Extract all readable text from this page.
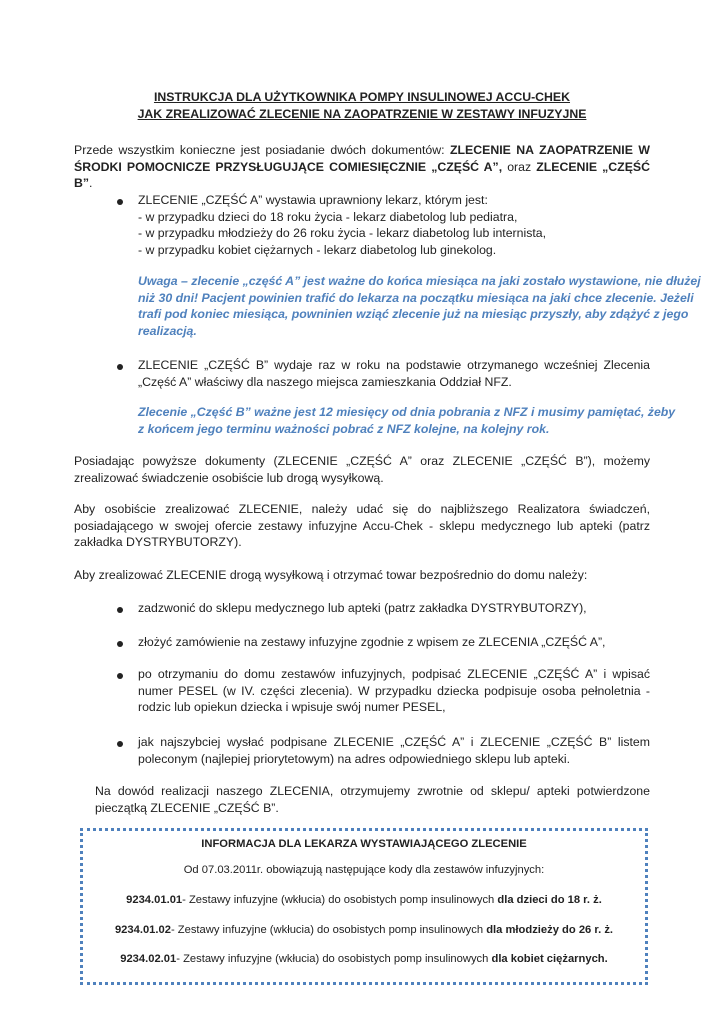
INSTRUKCJA DLA UŻYTKOWNIKA POMPY INSULINOWEJ ACCU-CHEK
JAK ZREALIZOWAĆ ZLECENIE NA ZAOPATRZENIE W ZESTAWY INFUZYJNE
Przede wszystkim konieczne jest posiadanie dwóch dokumentów: ZLECENIE NA ZAOPATRZENIE W ŚRODKI POMOCNICZE PRZYSŁUGUJĄCE COMIESIĘCZNIE „CZĘŚĆ A”, oraz ZLECENIE „CZĘŚĆ B”.
ZLECENIE „CZĘŚĆ A” wystawia uprawniony lekarz, którym jest:
- w przypadku dzieci do 18 roku życia - lekarz diabetolog lub pediatra,
- w przypadku młodzieży do 26 roku życia - lekarz diabetolog lub internista,
- w przypadku kobiet ciężarnych - lekarz diabetolog lub ginekolog.
Uwaga – zlecenie „część A” jest ważne do końca miesiąca na jaki zostało wystawione, nie dłużej
niż 30 dni! Pacjent powinien trafić do lekarza na początku miesiąca na jaki chce zlecenie. Jeżeli
trafi pod koniec miesiąca, powninien wziąć zlecenie już na miesiąc przyszły, aby zdążyć z jego
realizacją.
ZLECENIE „CZĘŚĆ B” wydaje raz w roku na podstawie otrzymanego wcześniej Zlecenia „Część A” właściwy dla naszego miejsca zamieszkania Oddział NFZ.
Zlecenie „Część B” ważne jest 12 miesięcy od dnia pobrania z NFZ i musimy pamiętać, żeby
z końcem jego terminu ważności pobrać z NFZ kolejne, na kolejny rok.
Posiadając powyższe dokumenty (ZLECENIE „CZĘŚĆ A” oraz ZLECENIE „CZĘŚĆ B”), możemy zrealizować świadczenie osobiście lub drogą wysyłkową.
Aby osobiście zrealizować ZLECENIE, należy udać się do najbliższego Realizatora świadczeń, posiadającego w swojej ofercie zestawy infuzyjne Accu-Chek - sklepu medycznego lub apteki (patrz zakładka DYSTRYBUTORZY).
Aby zrealizować ZLECENIE drogą wysyłkową i otrzymać towar bezpośrednio do domu należy:
zadzwonić do sklepu medycznego lub apteki (patrz zakładka DYSTRYBUTORZY),
złożyć zamówienie na zestawy infuzyjne zgodnie z wpisem ze ZLECENIA „CZĘŚĆ A”,
po otrzymaniu do domu zestawów infuzyjnych, podpisać ZLECENIE „CZĘŚĆ A” i wpisać numer PESEL (w IV. części zlecenia). W przypadku dziecka podpisuje osoba pełnoletnia - rodzic lub opiekun dziecka i wpisuje swój numer PESEL,
jak najszybciej wysłać podpisane ZLECENIE „CZĘŚĆ A” i ZLECENIE „CZĘŚĆ B” listem poleconym (najlepiej priorytetowym) na adres odpowiedniego sklepu lub apteki.
Na dowód realizacji naszego ZLECENIA, otrzymujemy zwrotnie od sklepu/ apteki potwierdzone pieczątką ZLECENIE „CZĘŚĆ B”.
INFORMACJA DLA LEKARZA WYSTAWIAJĄCEGO ZLECENIE
Od 07.03.2011r. obowiązują następujące kody dla zestawów infuzyjnych:
9234.01.01- Zestawy infuzyjne (wkłucia) do osobistych pomp insulinowych dla dzieci do 18 r. ż.
9234.01.02- Zestawy infuzyjne (wkłucia) do osobistych pomp insulinowych dla młodzieży do 26 r. ż.
9234.02.01- Zestawy infuzyjne (wkłucia) do osobistych pomp insulinowych dla kobiet ciężarnych.
